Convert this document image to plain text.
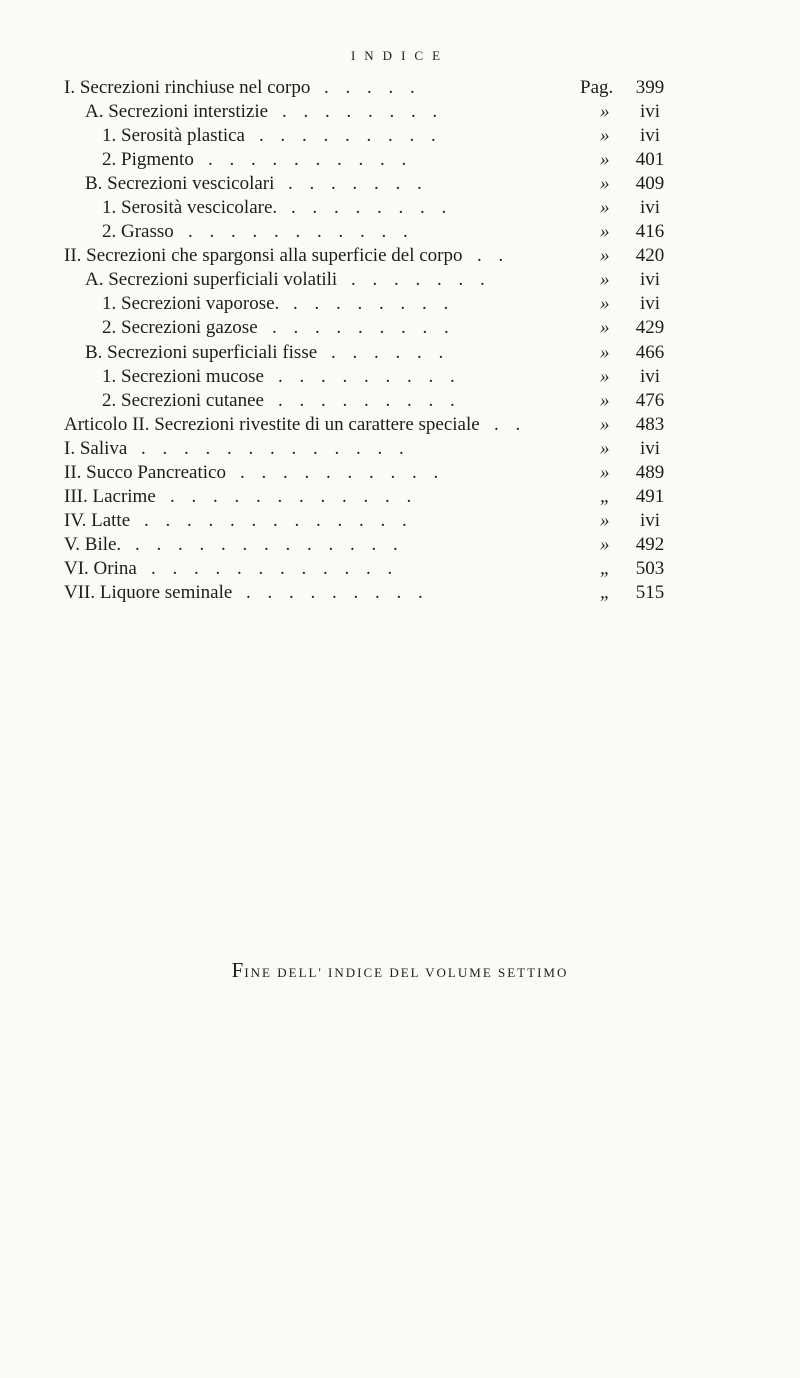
INDICE
I. Secrezioni rinchiuse nel corpo . . . . .	Pag.	399
A. Secrezioni interstizie . . . . . . . .	»	ivi
1. Serosità plastica . . . . . . . . .	»	ivi
2. Pigmento . . . . . . . . . .	»	401
B. Secrezioni vescicolari . . . . . . .	»	409
1. Serosità vescicolare. . . . . . . . .	»	ivi
2. Grasso . . . . . . . . . . .	»	416
II. Secrezioni che spargonsi alla superficie del corpo . .	»	420
A. Secrezioni superficiali volatili . . . . . . .	»	ivi
1. Secrezioni vaporose. . . . . . . . .	»	ivi
2. Secrezioni gazose . . . . . . . . .	»	429
B. Secrezioni superficiali fisse . . . . . .	»	466
1. Secrezioni mucose . . . . . . . . .	»	ivi
2. Secrezioni cutanee . . . . . . . . .	»	476
Articolo II. Secrezioni rivestite di un carattere speciale . .	»	483
I. Saliva . . . . . . . . . . . . .	»	ivi
II. Succo Pancreatico . . . . . . . . . .	»	489
III. Lacrime . . . . . . . . . . . .	„	491
IV. Latte . . . . . . . . . . . . .	»	ivi
V. Bile. . . . . . . . . . . . . .	»	492
VI. Orina . . . . . . . . . . . .	„	503
VII. Liquore seminale . . . . . . . . .	„	515
FINE DELL' INDICE DEL VOLUME SETTIMO
